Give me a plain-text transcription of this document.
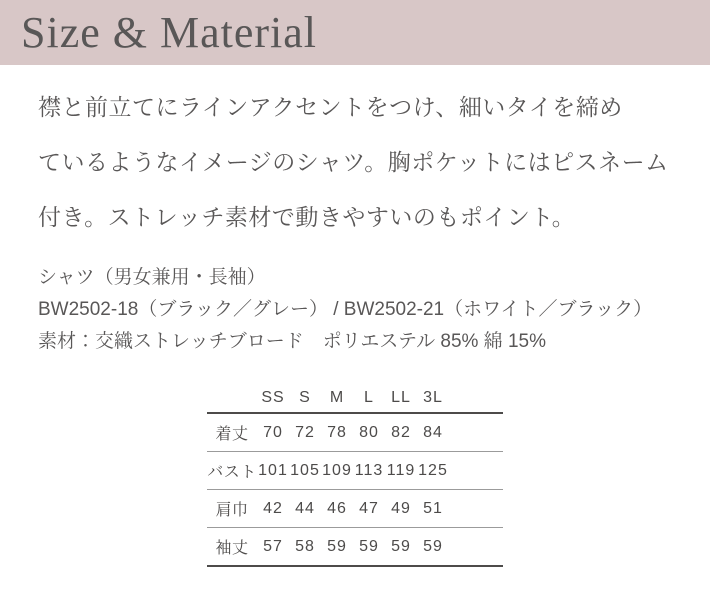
Size & Material
襟と前立てにラインアクセントをつけ、細いタイを締め
ているようなイメージのシャツ。胸ポケットにはピスネーム
付き。ストレッチ素材で動きやすいのもポイント。
シャツ（男女兼用・長袖）
BW2502-18（ブラック／グレー） / BW2502-21（ホワイト／ブラック）
素材：交織ストレッチブロード　ポリエステル 85% 綿 15%
	SS	S	M	L	LL	3L	
着丈	70	72	78	80	82	84	
バスト	101	105	109	113	119	125	
肩巾	42	44	46	47	49	51	
袖丈	57	58	59	59	59	59	
